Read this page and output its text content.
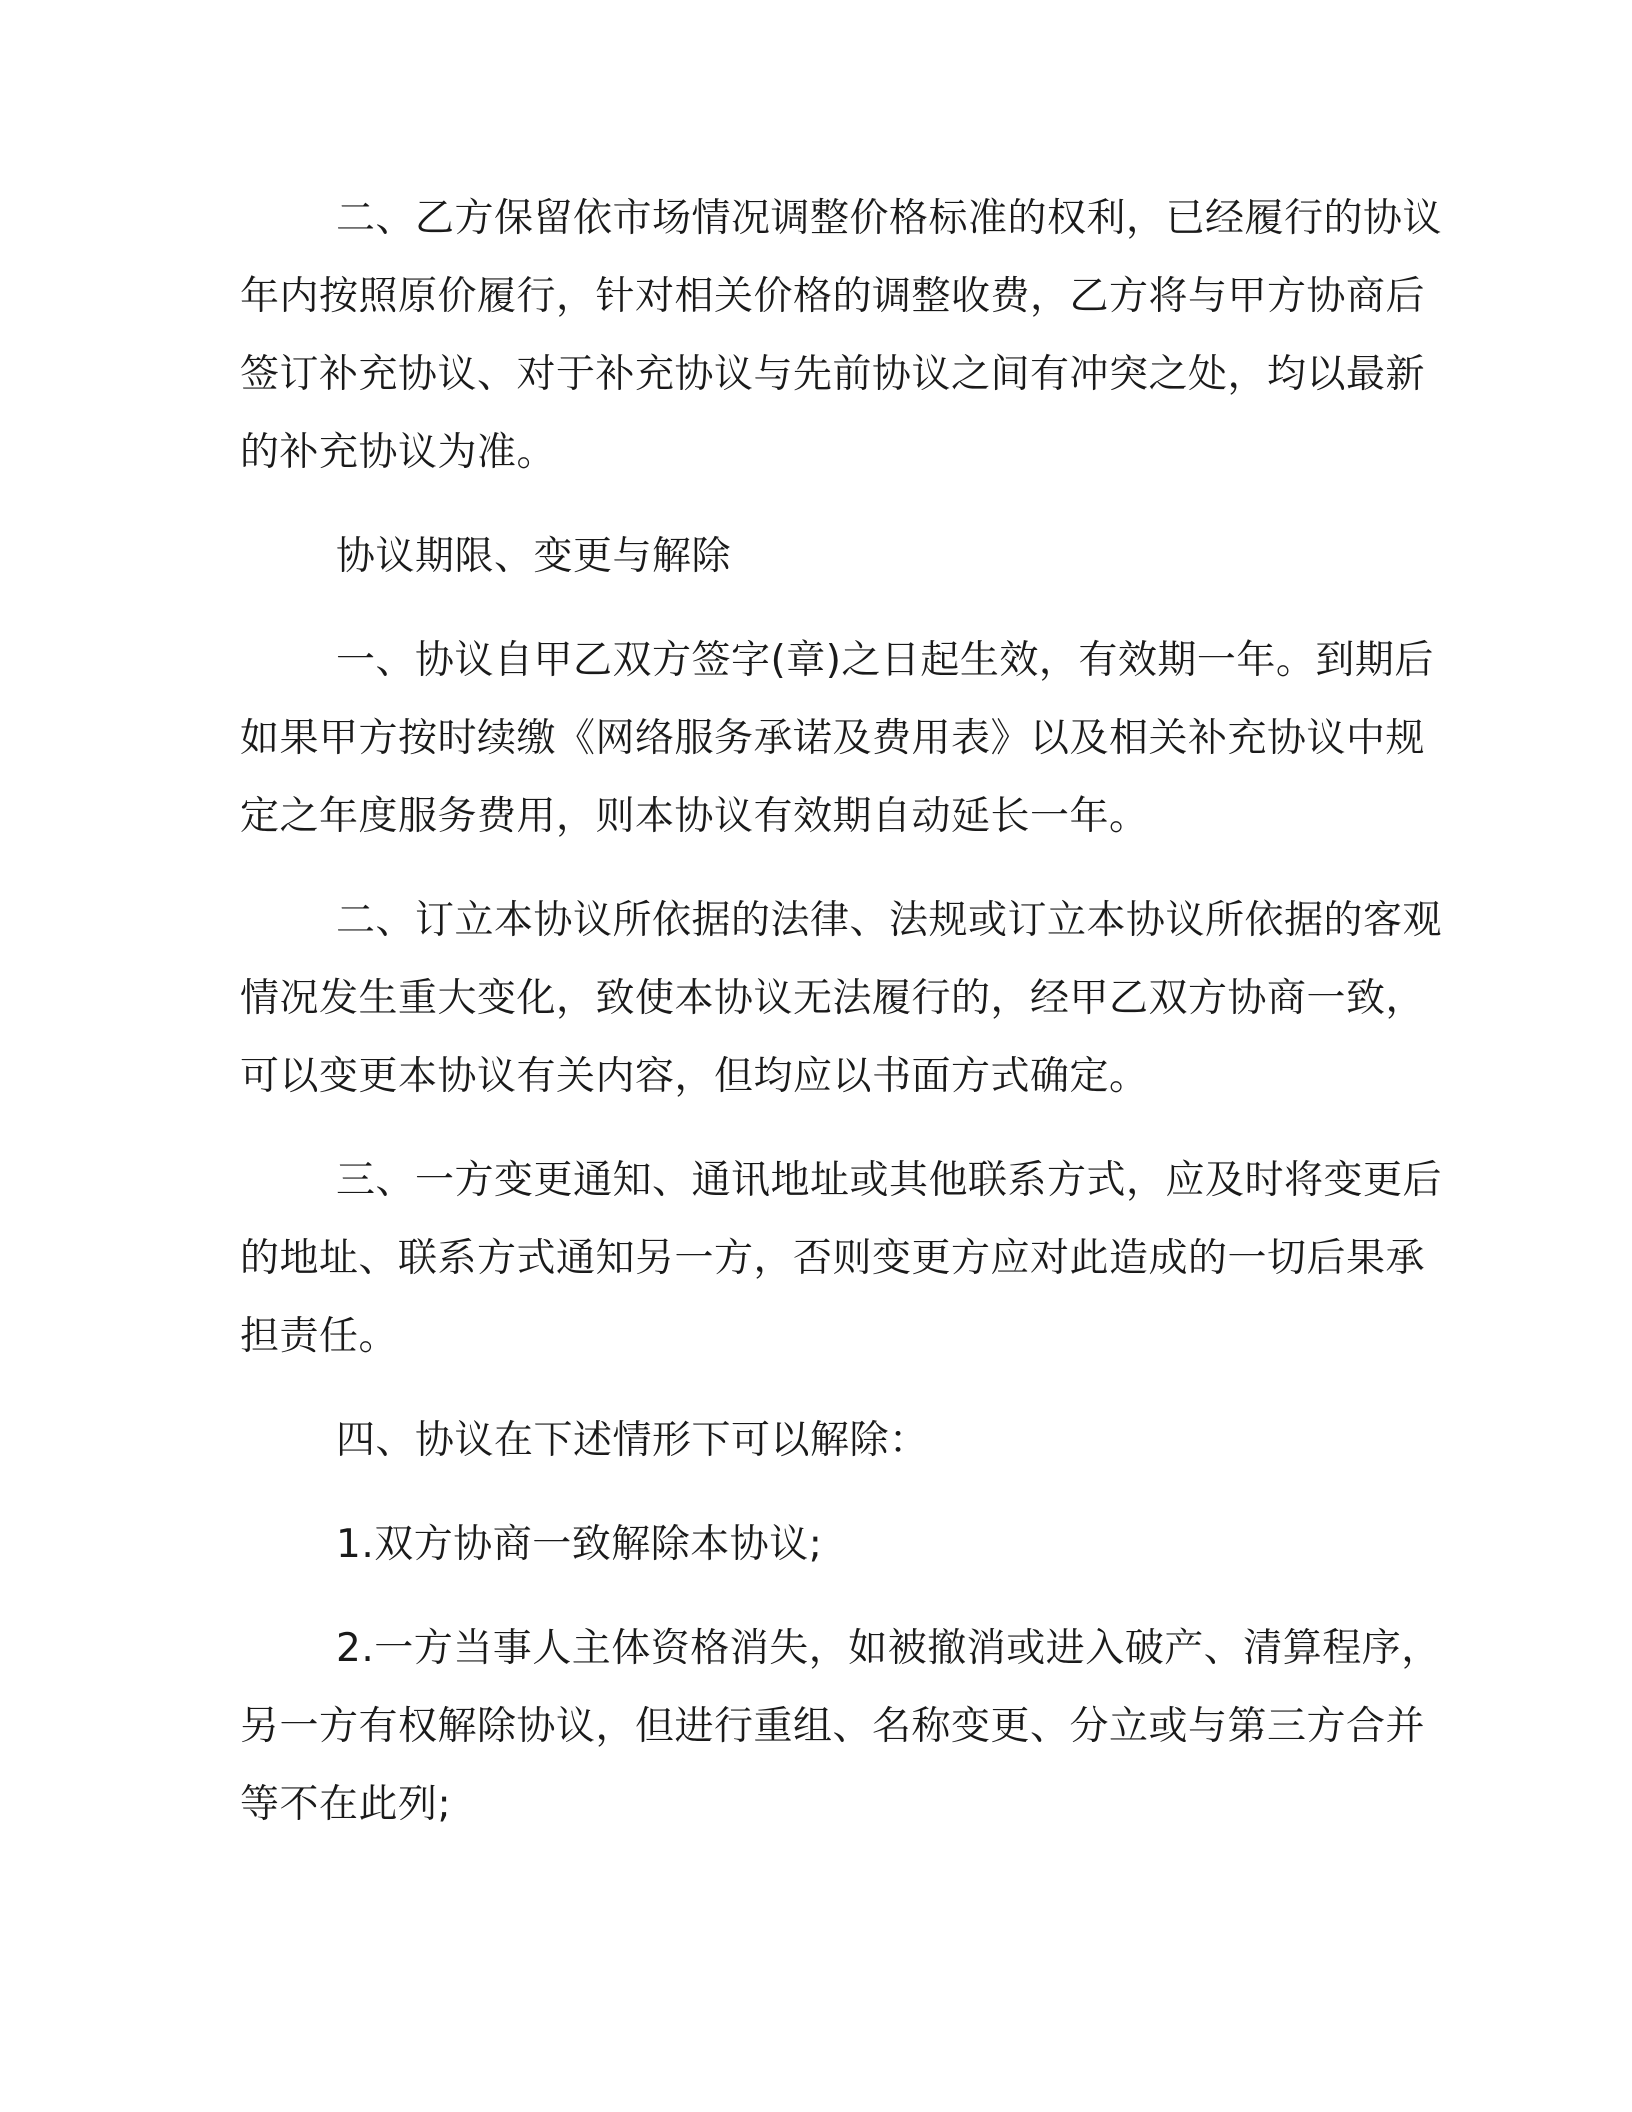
二、乙方保留依市场情况调整价格标准的权利，已经履行的协议
年内按照原价履行，针对相关价格的调整收费，乙方将与甲方协商后
签订补充协议、对于补充协议与先前协议之间有冲突之处，均以最新
的补充协议为准。
协议期限、变更与解除
一、协议自甲乙双方签字(章)之日起生效，有效期一年。到期后
如果甲方按时续缴《网络服务承诺及费用表》以及相关补充协议中规
定之年度服务费用，则本协议有效期自动延长一年。
二、订立本协议所依据的法律、法规或订立本协议所依据的客观
情况发生重大变化，致使本协议无法履行的，经甲乙双方协商一致，
可以变更本协议有关内容，但均应以书面方式确定。
三、一方变更通知、通讯地址或其他联系方式，应及时将变更后
的地址、联系方式通知另一方，否则变更方应对此造成的一切后果承
担责任。
四、协议在下述情形下可以解除：
1.双方协商一致解除本协议;
2.一方当事人主体资格消失，如被撤消或进入破产、清算程序，
另一方有权解除协议，但进行重组、名称变更、分立或与第三方合并
等不在此列;
